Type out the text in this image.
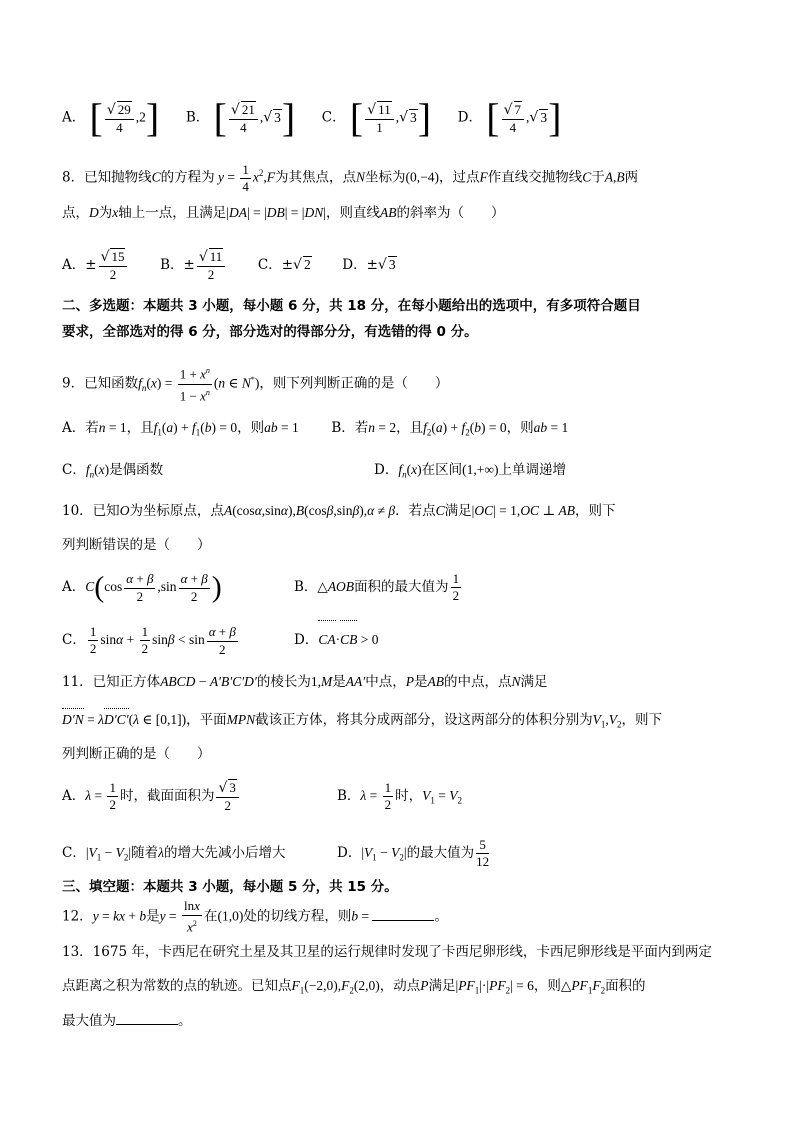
A． [ $\frac{√ 29}{4} ,2$] B． [ $\frac{√ 21}{4}$ ,√ 3] C． [ $\frac{√ 11}{1}$ ,√ 3] D． [ $\frac{√ 7}{4}$ ,√ 3]
8．已知抛物线C的方程为 $y = \frac{1}{4} x^2,F$为其焦点，点N坐标为(0,−4)，过点F作直线交抛物线C于A,B两
点，D为x轴上一点，且满足|DA| = |DB| = |DN|，则直线AB的斜率为（　　）
A．± $\frac{√ 15}{2}$ B．± $\frac{√ 11}{2}$ C．±√ 2 D．±√ 3
二、多选题：本题共 3 小题，每小题 6 分，共 18 分，在每小题给出的选项中，有多项符合题目
要求，全部选对的得 6 分，部分选对的得部分分，有选错的得 0 分。
9．已知函数$f_n(x) = \frac{1 + x^n}{1 - x^n} (n$ ∈ N*)，则下列判断正确的是（　　）
A．若n = 1，且$f_1(a) + f_1(b) = 0$，则ab = 1 B．若n = 2，且$f_2(a) + f_2(b) = 0$，则ab = 1
C．$f_n(x)$是偶函数	D．$f_n(x)$在区间(1,+∞)上单调递增
10．已知O为坐标原点，点A(cosα,sinα),B(cosβ,sinβ),α ≠ β．若点C满足|OC| = 1,OC ⊥ AB，则下
列判断错误的是（　　）
A．$C(\cos \frac{\alpha + \beta}{2} ,\sin \frac{\alpha + \beta}{2}$ )	B．△AOB面积的最大值为 $\frac{1}{2}$
C． $\frac{1}{2}$ $\sin\alpha + \frac{1}{2}$ $\sin\beta < \sin \frac{\alpha + \beta}{2}$	D．CA·CB > 0
11．已知正方体ABCD − A′B′C′D′的棱长为1,M是AA′中点，P是AB的中点，点N满足
D′N = λD′C′(λ ∈ [0,1])，平面MPN截该正方体，将其分成两部分，设这两部分的体积分别为$V_1,V_2$，则下
列判断正确的是（　　）
A．$\lambda = \frac{1}{2}$ 时，截面面积为 $\frac{√ 3}{2}$	B．$\lambda = \frac{1}{2}$ 时，$V_1 = V_2$
C．$|V_1 - V_2|$随着λ的增大先减小后增大	D．$|V_1 - V_2|$的最大值为 $\frac{5}{12}$
三、填空题：本题共 3 小题，每小题 5 分，共 15 分。
12．y = kx + b是$y = \frac{\ln x}{x^2}$ 在(1,0)处的切线方程，则b =	。
13．1675 年，卡西尼在研究土星及其卫星的运行规律时发现了卡西尼卵形线，卡西尼卵形线是平面内到两定
点距离之积为常数的点的轨迹。已知点$F_1(-2,0),F_2(2,0)$，动点P满足$|PF_1|\cdot|PF_2| = 6$，则$\triangle PF_1F_2$面积的
最大值为	。
